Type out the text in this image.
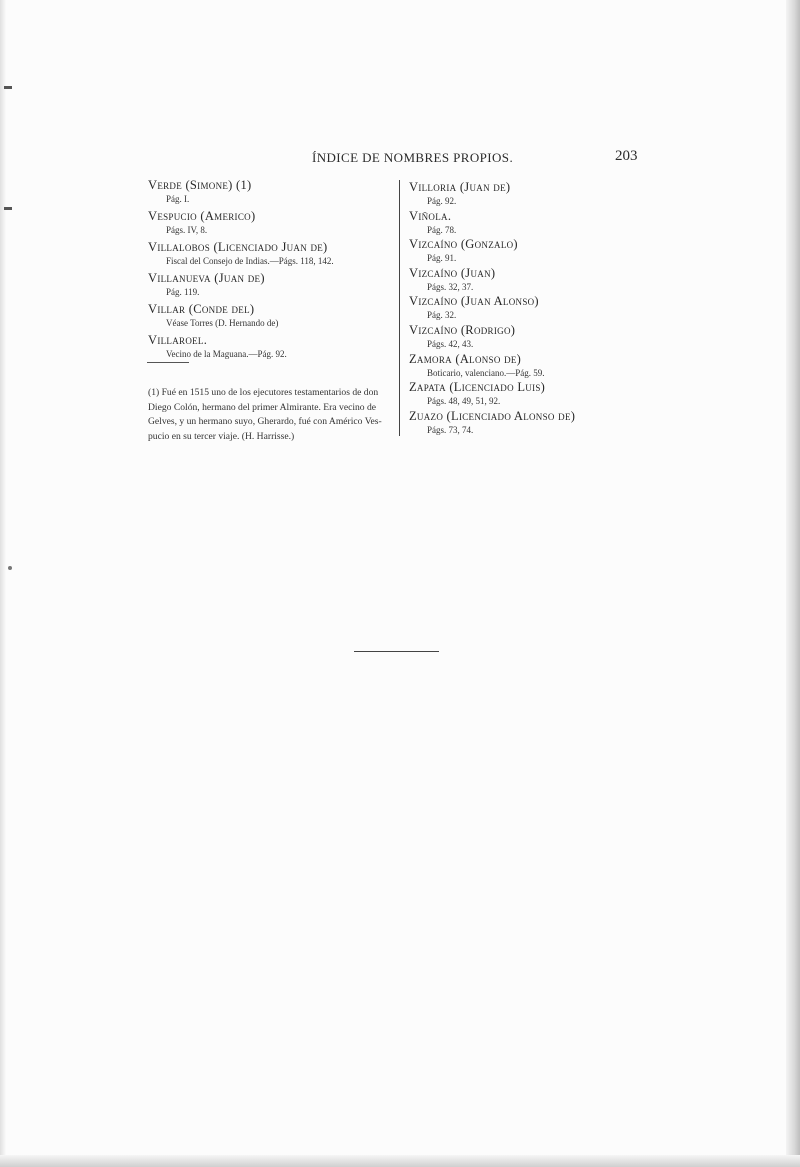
ÍNDICE DE NOMBRES PROPIOS.	203
Verde (Simone) (1)
Pág. I.
Vespucio (Americo)
Págs. IV, 8.
Villalobos (Licenciado Juan de)
Fiscal del Consejo de Indias.—Págs. 118, 142.
Villanueva (Juan de)
Pág. 119.
Villar (Conde del)
Véase Torres (D. Hernando de)
Villaroel.
Vecino de la Maguana.—Pág. 92.
Villoria (Juan de)
Pág. 92.
Viñola.
Pág. 78.
Vizcaíno (Gonzalo)
Pág. 91.
Vizcaíno (Juan)
Págs. 32, 37.
Vizcaíno (Juan Alonso)
Pág. 32.
Vizcaíno (Rodrigo)
Págs. 42, 43.
Zamora (Alonso de)
Boticario, valenciano.—Pág. 59.
Zapata (Licenciado Luis)
Págs. 48, 49, 51, 92.
Zuazo (Licenciado Alonso de)
Págs. 73, 74.

(1) Fué en 1515 uno de los ejecutores testamentarios de don

Diego Colón, hermano del primer Almirante. Era vecino de

Gelves, y un hermano suyo, Gherardo, fué con Américo Ves-

pucio en su tercer viaje. (H. Harrisse.)
